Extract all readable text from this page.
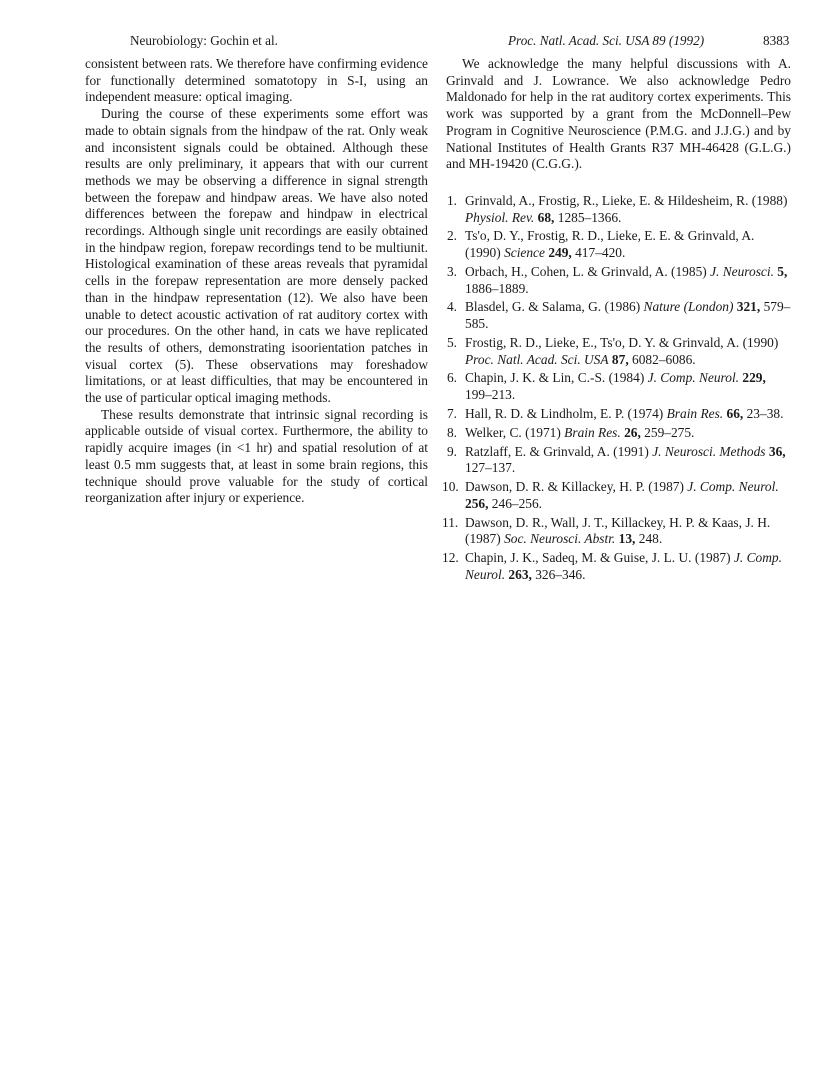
Neurobiology: Gochin et al.	Proc. Natl. Acad. Sci. USA 89 (1992)	8383

consistent between rats. We therefore have confirming evidence for functionally determined somatotopy in S-I, using an independent measure: optical imaging.

During the course of these experiments some effort was made to obtain signals from the hindpaw of the rat. Only weak and inconsistent signals could be obtained. Although these results are only preliminary, it appears that with our current methods we may be observing a difference in signal strength between the forepaw and hindpaw areas. We have also noted differences between the forepaw and hindpaw in electrical recordings. Although single unit recordings are easily obtained in the hindpaw region, forepaw recordings tend to be multiunit. Histological examination of these areas reveals that pyramidal cells in the forepaw representation are more densely packed than in the hindpaw representation (12). We also have been unable to detect acoustic activation of rat auditory cortex with our procedures. On the other hand, in cats we have replicated the results of others, demonstrating isoorientation patches in visual cortex (5). These observations may foreshadow limitations, or at least difficulties, that may be encountered in the use of particular optical imaging methods.

These results demonstrate that intrinsic signal recording is applicable outside of visual cortex. Furthermore, the ability to rapidly acquire images (in <1 hr) and spatial resolution of at least 0.5 mm suggests that, at least in some brain regions, this technique should prove valuable for the study of cortical reorganization after injury or experience.

We acknowledge the many helpful discussions with A. Grinvald and J. Lowrance. We also acknowledge Pedro Maldonado for help in the rat auditory cortex experiments. This work was supported by a grant from the McDonnell–Pew Program in Cognitive Neuroscience (P.M.G. and J.J.G.) and by National Institutes of Health Grants R37 MH-46428 (G.L.G.) and MH-19420 (C.G.G.).

1. Grinvald, A., Frostig, R., Lieke, E. & Hildesheim, R. (1988) Physiol. Rev. 68, 1285–1366.
2. Ts'o, D. Y., Frostig, R. D., Lieke, E. E. & Grinvald, A. (1990) Science 249, 417–420.
3. Orbach, H., Cohen, L. & Grinvald, A. (1985) J. Neurosci. 5, 1886–1889.
4. Blasdel, G. & Salama, G. (1986) Nature (London) 321, 579–585.
5. Frostig, R. D., Lieke, E., Ts'o, D. Y. & Grinvald, A. (1990) Proc. Natl. Acad. Sci. USA 87, 6082–6086.
6. Chapin, J. K. & Lin, C.-S. (1984) J. Comp. Neurol. 229, 199–213.
7. Hall, R. D. & Lindholm, E. P. (1974) Brain Res. 66, 23–38.
8. Welker, C. (1971) Brain Res. 26, 259–275.
9. Ratzlaff, E. & Grinvald, A. (1991) J. Neurosci. Methods 36, 127–137.
10. Dawson, D. R. & Killackey, H. P. (1987) J. Comp. Neurol. 256, 246–256.
11. Dawson, D. R., Wall, J. T., Killackey, H. P. & Kaas, J. H. (1987) Soc. Neurosci. Abstr. 13, 248.
12. Chapin, J. K., Sadeq, M. & Guise, J. L. U. (1987) J. Comp. Neurol. 263, 326–346.
